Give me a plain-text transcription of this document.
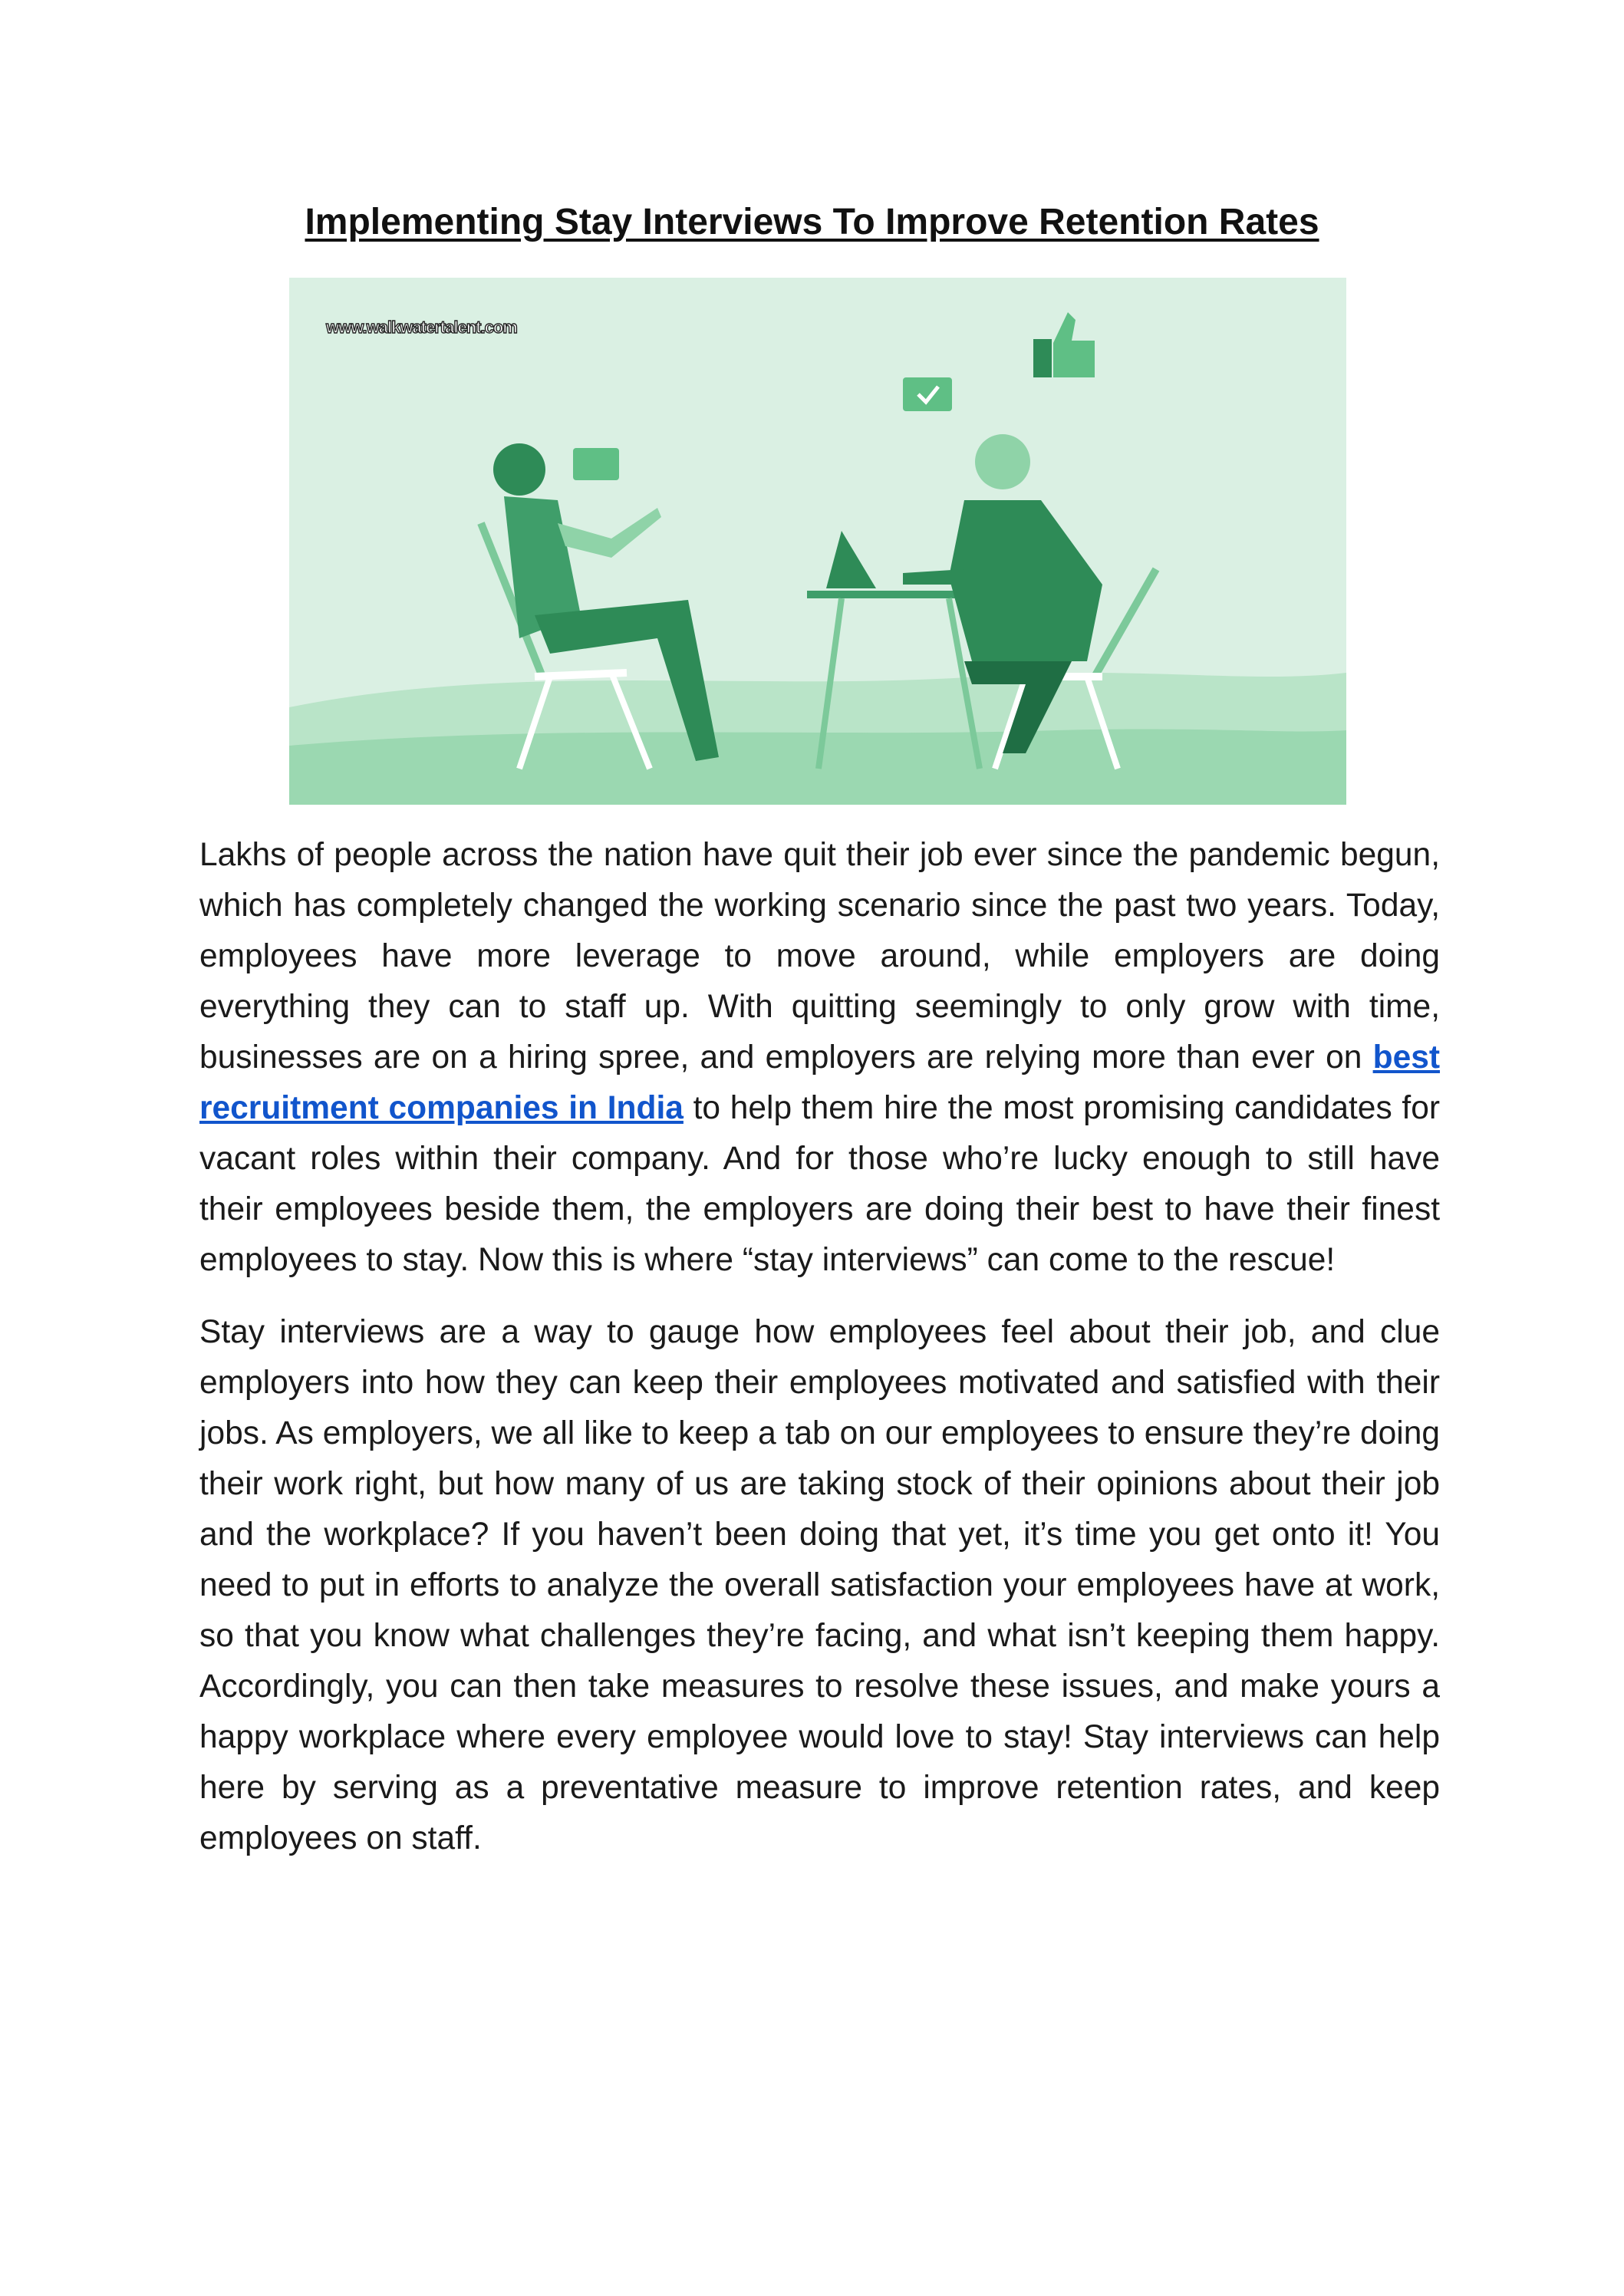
Implementing Stay Interviews To Improve Retention Rates
www.walkwatertalent.com

Lakhs of people across the nation have quit their job ever since the pandemic begun, which has completely changed the working scenario since the past two years. Today, employees have more leverage to move around, while employers are doing everything they can to staff up. With quitting seemingly to only grow with time, businesses are on a hiring spree, and employers are relying more than ever on best recruitment companies in India to help them hire the most promising candidates for vacant roles within their company. And for those who’re lucky enough to still have their employees beside them, the employers are doing their best to have their finest employees to stay. Now this is where “stay interviews” can come to the rescue!

Stay interviews are a way to gauge how employees feel about their job, and clue employers into how they can keep their employees motivated and satisfied with their jobs. As employers, we all like to keep a tab on our employees to ensure they’re doing their work right, but how many of us are taking stock of their opinions about their job and the workplace? If you haven’t been doing that yet, it’s time you get onto it! You need to put in efforts to analyze the overall satisfaction your employees have at work, so that you know what challenges they’re facing, and what isn’t keeping them happy. Accordingly, you can then take measures to resolve these issues, and make yours a happy workplace where every employee would love to stay! Stay interviews can help here by serving as a preventative measure to improve retention rates, and keep employees on staff.
